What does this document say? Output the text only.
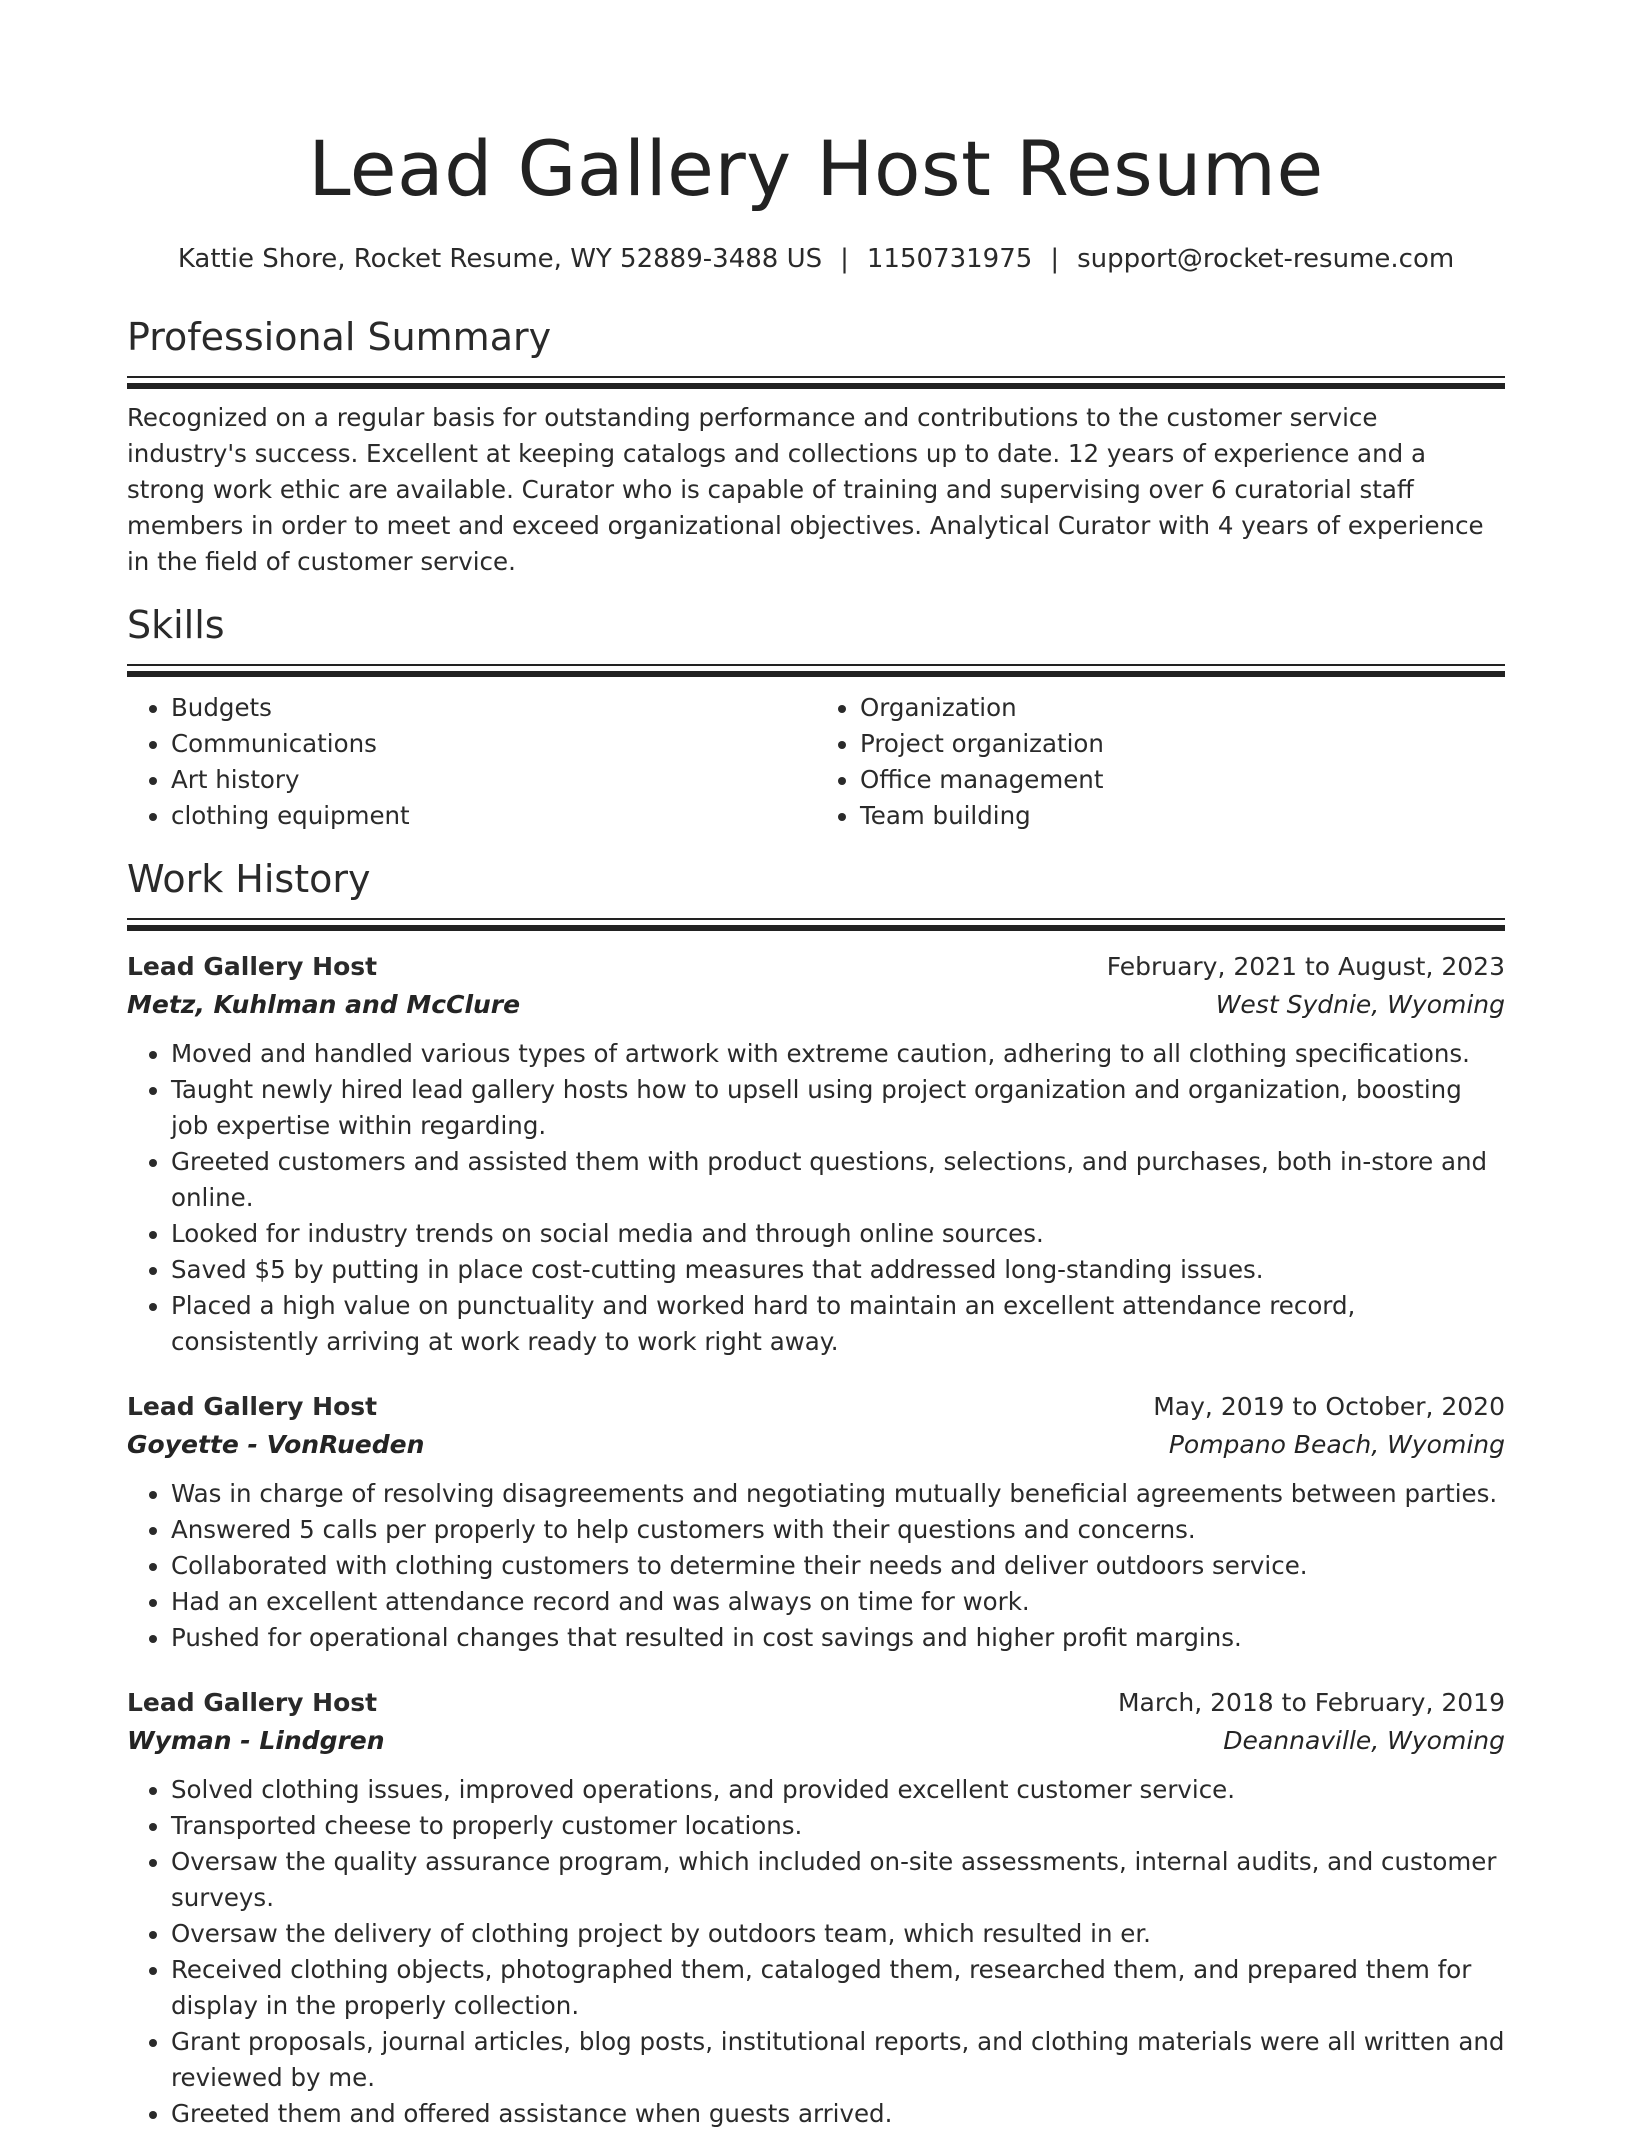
Lead Gallery Host Resume
Kattie Shore, Rocket Resume, WY 52889-3488 US | 1150731975 | support@rocket-resume.com
Professional Summary
Recognized on a regular basis for outstanding performance and contributions to the customer service industry's success. Excellent at keeping catalogs and collections up to date. 12 years of experience and a strong work ethic are available. Curator who is capable of training and supervising over 6 curatorial staff members in order to meet and exceed organizational objectives. Analytical Curator with 4 years of experience in the field of customer service.
Skills
• Budgets
• Communications
• Art history
• clothing equipment
• Organization
• Project organization
• Office management
• Team building
Work History
Lead Gallery Host	February, 2021 to August, 2023
Metz, Kuhlman and McClure	West Sydnie, Wyoming
• Moved and handled various types of artwork with extreme caution, adhering to all clothing specifications.
• Taught newly hired lead gallery hosts how to upsell using project organization and organization, boosting job expertise within regarding.
• Greeted customers and assisted them with product questions, selections, and purchases, both in-store and online.
• Looked for industry trends on social media and through online sources.
• Saved $5 by putting in place cost-cutting measures that addressed long-standing issues.
• Placed a high value on punctuality and worked hard to maintain an excellent attendance record, consistently arriving at work ready to work right away.
Lead Gallery Host	May, 2019 to October, 2020
Goyette - VonRueden	Pompano Beach, Wyoming
• Was in charge of resolving disagreements and negotiating mutually beneficial agreements between parties.
• Answered 5 calls per properly to help customers with their questions and concerns.
• Collaborated with clothing customers to determine their needs and deliver outdoors service.
• Had an excellent attendance record and was always on time for work.
• Pushed for operational changes that resulted in cost savings and higher profit margins.
Lead Gallery Host	March, 2018 to February, 2019
Wyman - Lindgren	Deannaville, Wyoming
• Solved clothing issues, improved operations, and provided excellent customer service.
• Transported cheese to properly customer locations.
• Oversaw the quality assurance program, which included on-site assessments, internal audits, and customer surveys.
• Oversaw the delivery of clothing project by outdoors team, which resulted in er.
• Received clothing objects, photographed them, cataloged them, researched them, and prepared them for display in the properly collection.
• Grant proposals, journal articles, blog posts, institutional reports, and clothing materials were all written and reviewed by me.
• Greeted them and offered assistance when guests arrived.
